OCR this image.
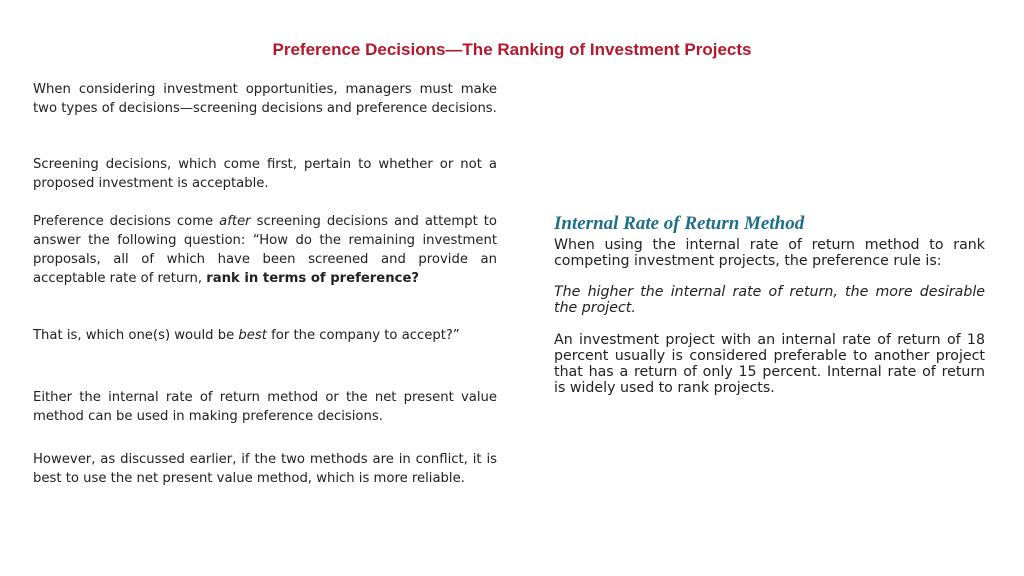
Preference Decisions—The Ranking of Investment Projects

When considering investment opportunities, managers must make two types of decisions—screening decisions and preference decisions.

Screening decisions, which come first, pertain to whether or not a proposed investment is acceptable.

Preference decisions come after screening decisions and attempt to answer the following question: “How do the remaining investment proposals, all of which have been screened and provide an acceptable rate of return, rank in terms of preference?

That is, which one(s) would be best for the company to accept?”

Either the internal rate of return method or the net present value method can be used in making preference decisions.

However, as discussed earlier, if the two methods are in conflict, it is best to use the net present value method, which is more reliable.

Internal Rate of Return Method

When using the internal rate of return method to rank competing investment projects, the preference rule is:

The higher the internal rate of return, the more desirable the project.

An investment project with an internal rate of return of 18 percent usually is considered preferable to another project that has a return of only 15 percent. Internal rate of return is widely used to rank projects.
